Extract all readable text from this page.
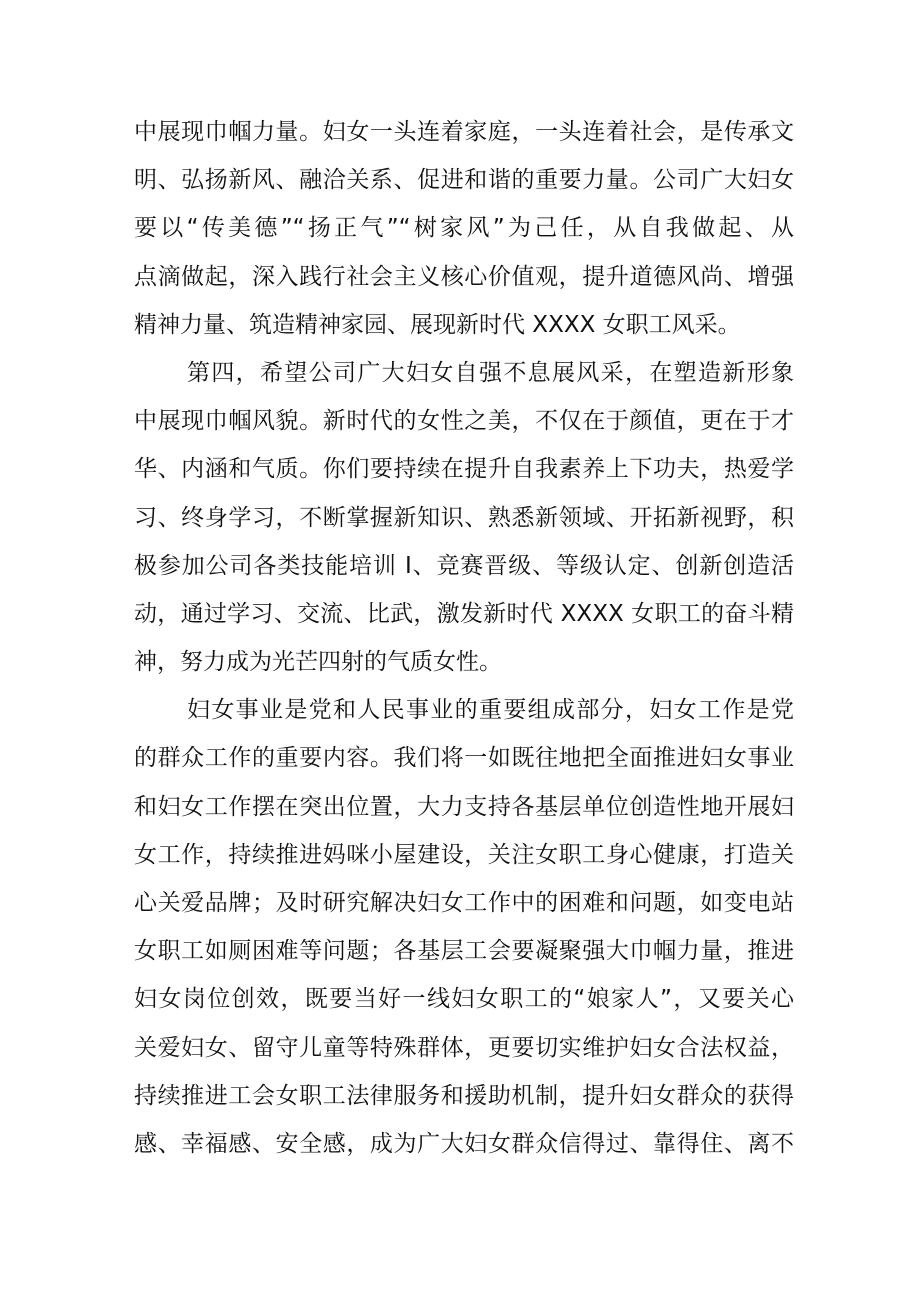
中展现巾帼力量。妇女一头连着家庭，一头连着社会，是传承文
明、弘扬新风、融洽关系、促进和谐的重要力量。公司广大妇女
要以“传美德”“扬正气”“树家风”为己任，从自我做起、从
点滴做起，深入践行社会主义核心价值观，提升道德风尚、增强
精神力量、筑造精神家园、展现新时代 XXXX 女职工风采。
第四，希望公司广大妇女自强不息展风采，在塑造新形象
中展现巾帼风貌。新时代的女性之美，不仅在于颜值，更在于才
华、内涵和气质。你们要持续在提升自我素养上下功夫，热爱学
习、终身学习，不断掌握新知识、熟悉新领域、开拓新视野，积
极参加公司各类技能培训 I、竞赛晋级、等级认定、创新创造活
动，通过学习、交流、比武，激发新时代 XXXX 女职工的奋斗精
神，努力成为光芒四射的气质女性。
妇女事业是党和人民事业的重要组成部分，妇女工作是党
的群众工作的重要内容。我们将一如既往地把全面推进妇女事业
和妇女工作摆在突出位置，大力支持各基层单位创造性地开展妇
女工作，持续推进妈咪小屋建设，关注女职工身心健康，打造关
心关爱品牌；及时研究解决妇女工作中的困难和问题，如变电站
女职工如厕困难等问题；各基层工会要凝聚强大巾帼力量，推进
妇女岗位创效，既要当好一线妇女职工的“娘家人”，又要关心
关爱妇女、留守儿童等特殊群体，更要切实维护妇女合法权益，
持续推进工会女职工法律服务和援助机制，提升妇女群众的获得
感、幸福感、安全感，成为广大妇女群众信得过、靠得住、离不
